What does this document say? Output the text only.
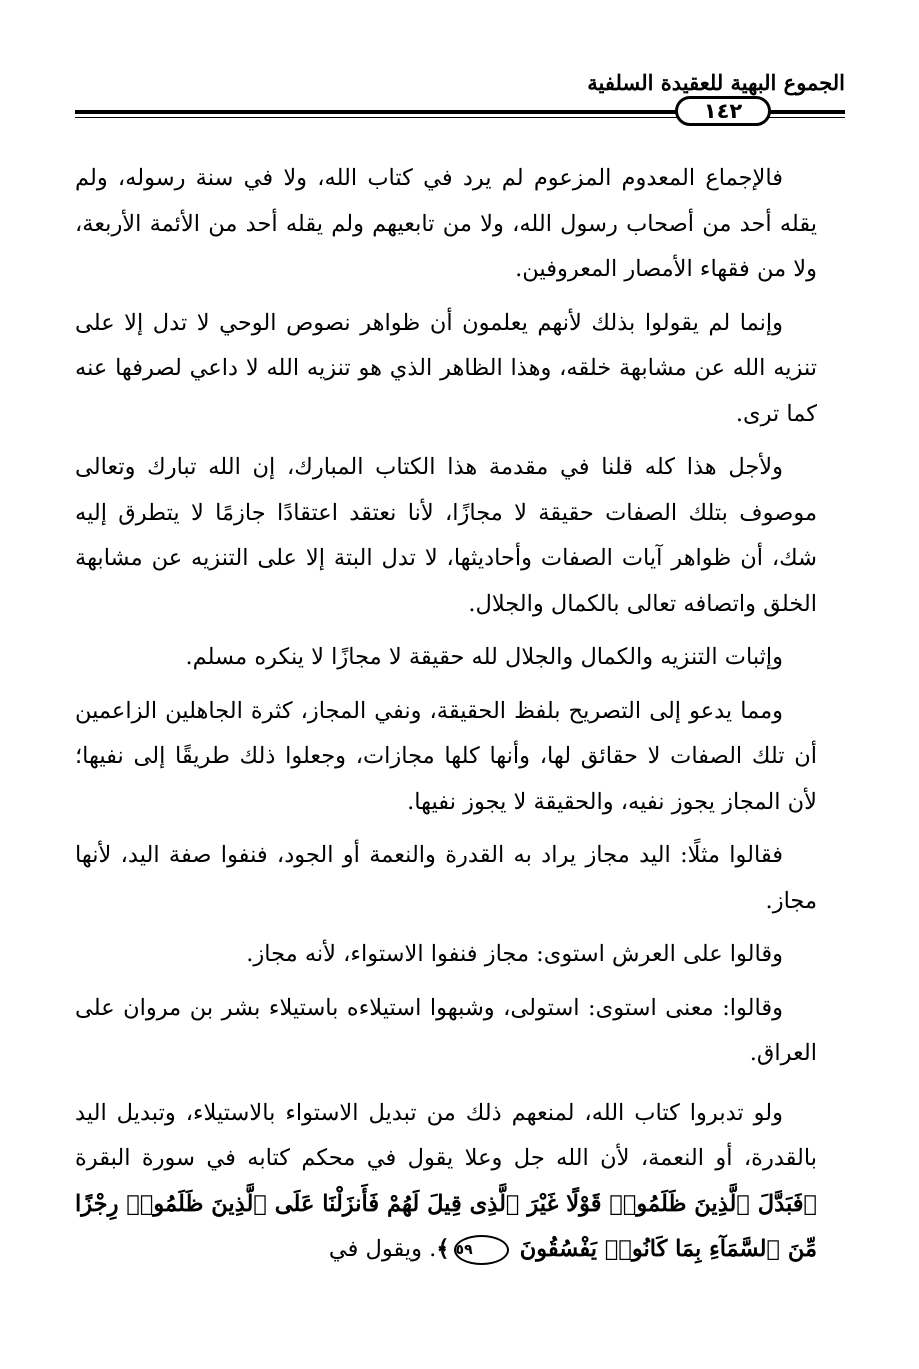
الجموع البهية للعقيدة السلفية
١٤٢

فالإجماع المعدوم المزعوم لم يرد في كتاب الله، ولا في سنة رسوله، ولم يقله أحد من أصحاب رسول الله، ولا من تابعيهم ولم يقله أحد من الأئمة الأربعة، ولا من فقهاء الأمصار المعروفين.

وإنما لم يقولوا بذلك لأنهم يعلمون أن ظواهر نصوص الوحي لا تدل إلا على تنزيه الله عن مشابهة خلقه، وهذا الظاهر الذي هو تنزيه الله لا داعي لصرفها عنه كما ترى.

ولأجل هذا كله قلنا في مقدمة هذا الكتاب المبارك، إن الله تبارك وتعالى موصوف بتلك الصفات حقيقة لا مجازًا، لأنا نعتقد اعتقادًا جازمًا لا يتطرق إليه شك، أن ظواهر آيات الصفات وأحاديثها، لا تدل البتة إلا على التنزيه عن مشابهة الخلق واتصافه تعالى بالكمال والجلال.

وإثبات التنزيه والكمال والجلال لله حقيقة لا مجازًا لا ينكره مسلم.

ومما يدعو إلى التصريح بلفظ الحقيقة، ونفي المجاز، كثرة الجاهلين الزاعمين أن تلك الصفات لا حقائق لها، وأنها كلها مجازات، وجعلوا ذلك طريقًا إلى نفيها؛ لأن المجاز يجوز نفيه، والحقيقة لا يجوز نفيها.

فقالوا مثلًا: اليد مجاز يراد به القدرة والنعمة أو الجود، فنفوا صفة اليد، لأنها مجاز.

وقالوا على العرش استوى: مجاز فنفوا الاستواء، لأنه مجاز.

وقالوا: معنى استوى: استولى، وشبهوا استيلاءه باستيلاء بشر بن مروان على العراق.

ولو تدبروا كتاب الله، لمنعهم ذلك من تبديل الاستواء بالاستيلاء، وتبديل اليد بالقدرة، أو النعمة، لأن الله جل وعلا يقول في محكم كتابه في سورة البقرة ﴿فَبَدَّلَ ٱلَّذِينَ ظَلَمُوا۟ قَوْلًا غَيْرَ ٱلَّذِى قِيلَ لَهُمْ فَأَنزَلْنَا عَلَى ٱلَّذِينَ ظَلَمُوا۟ رِجْزًا مِّنَ ٱلسَّمَآءِ بِمَا كَانُوا۟ يَفْسُقُونَ ٥٩﴾. ويقول في
